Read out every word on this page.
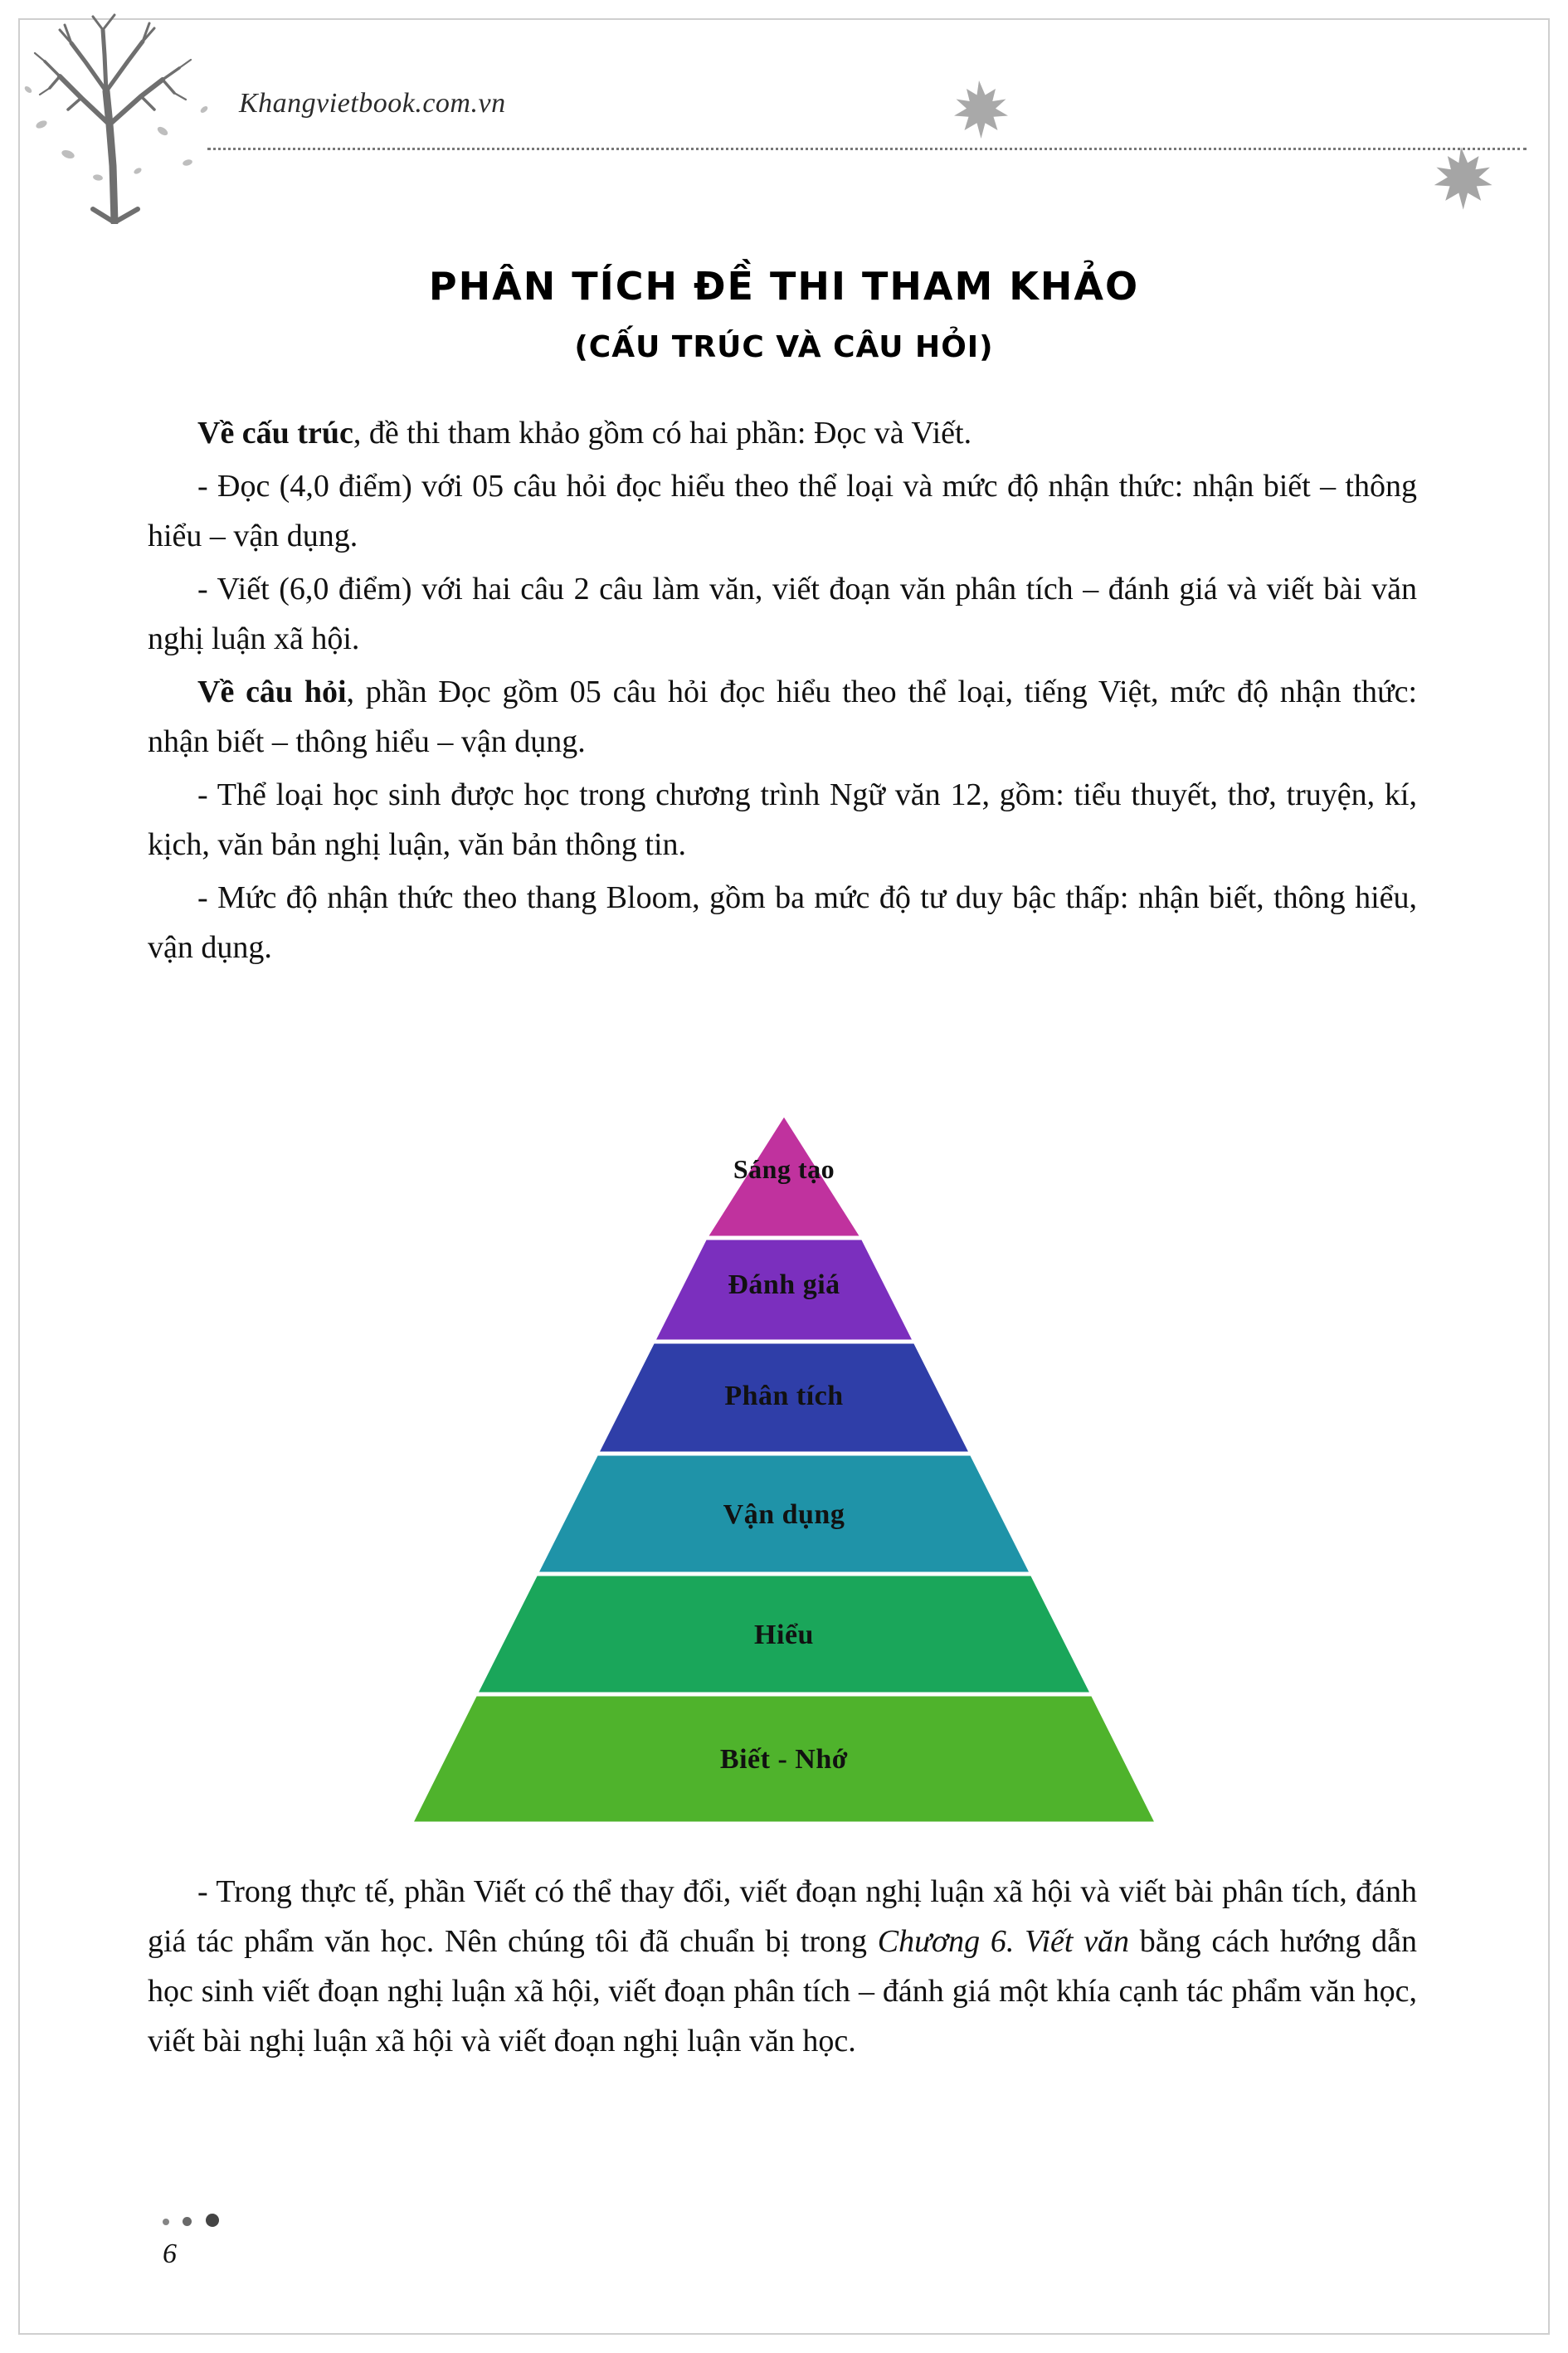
Khangvietbook.com.vn
PHÂN TÍCH ĐỀ THI THAM KHẢO
(CẤU TRÚC VÀ CÂU HỎI)

Về cấu trúc, đề thi tham khảo gồm có hai phần: Đọc và Viết.

- Đọc (4,0 điểm) với 05 câu hỏi đọc hiểu theo thể loại và mức độ nhận thức: nhận biết – thông hiểu – vận dụng.

- Viết (6,0 điểm) với hai câu 2 câu làm văn, viết đoạn văn phân tích – đánh giá và viết bài văn nghị luận xã hội.

Về câu hỏi, phần Đọc gồm 05 câu hỏi đọc hiểu theo thể loại, tiếng Việt, mức độ nhận thức: nhận biết – thông hiểu – vận dụng.

- Thể loại học sinh được học trong chương trình Ngữ văn 12, gồm: tiểu thuyết, thơ, truyện, kí, kịch, văn bản nghị luận, văn bản thông tin.

- Mức độ nhận thức theo thang Bloom, gồm ba mức độ tư duy bậc thấp: nhận biết, thông hiểu, vận dụng.

Sáng tạo
Đánh giá
Phân tích
Vận dụng
Hiểu
Biết - Nhớ

- Trong thực tế, phần Viết có thể thay đổi, viết đoạn nghị luận xã hội và viết bài phân tích, đánh giá tác phẩm văn học. Nên chúng tôi đã chuẩn bị trong Chương 6. Viết văn bằng cách hướng dẫn học sinh viết đoạn nghị luận xã hội, viết đoạn phân tích – đánh giá một khía cạnh tác phẩm văn học, viết bài nghị luận xã hội và viết đoạn nghị luận văn học.

6
